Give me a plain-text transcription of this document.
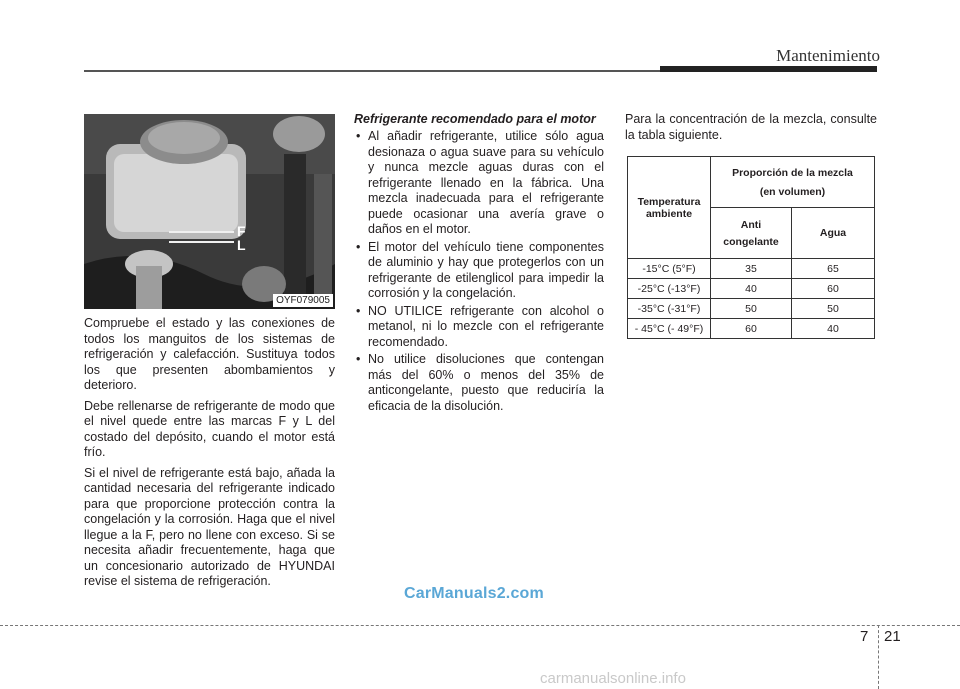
Mantenimiento
F
L
OYF079005

Compruebe el estado y las conexiones de todos los manguitos de los sistemas de refrigeración y calefacción. Sustituya todos los que presenten abombamientos y deterioro.

Debe rellenarse de refrigerante de modo que el nivel quede entre las marcas F y L del costado del depósito, cuando el motor está frío.

Si el nivel de refrigerante está bajo, añada la cantidad necesaria del refrigerante indicado para que proporcione protección contra la congelación y la corrosión. Haga que el nivel llegue a la F, pero no llene con exceso. Si se necesita añadir frecuentemente, haga que un concesionario autorizado de HYUNDAI revise el sistema de refrigeración.

Refrigerante recomendado para el motor
• Al añadir refrigerante, utilice sólo agua desionaza o agua suave para su vehículo y nunca mezcle aguas duras con el refrigerante llenado en la fábrica. Una mezcla inadecuada para el refrigerante puede ocasionar una avería grave o daños en el motor.
• El motor del vehículo tiene componentes de aluminio y hay que protegerlos con un refrigerante de etilenglicol para impedir la corrosión y la congelación.
• NO UTILICE refrigerante con alcohol o metanol, ni lo mezcle con el refrigerante recomendado.
• No utilice disoluciones que contengan más del 60% o menos del 35% de anticongelante, puesto que reduciría la eficacia de la disolución.

Para la concentración de la mezcla, consulte la tabla siguiente.

Temperatura ambiente	Proporción de la mezcla
(en volumen)	

	Anti
congelante	Agua
-15°C (5°F)	35	65
-25°C (-13°F)	40	60
-35°C (-31°F)	50	50
- 45°C (- 49°F)	60	40
CarManuals2.com
7 21
carmanualsonline.info
